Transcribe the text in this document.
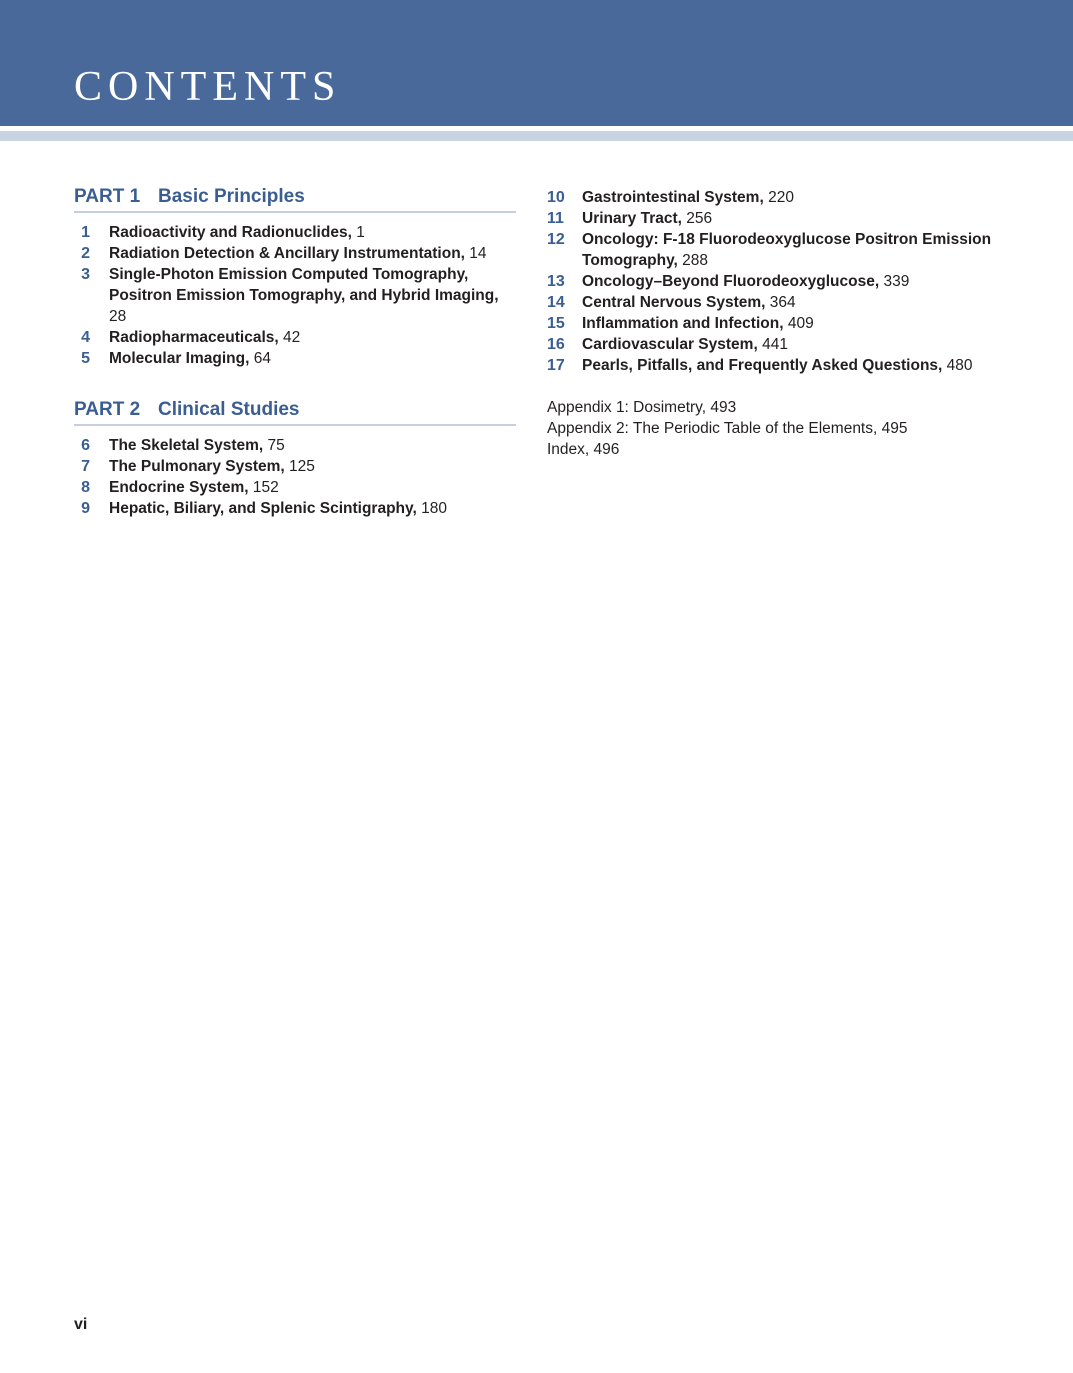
CONTENTS
PART 1 Basic Principles
1 Radioactivity and Radionuclides, 1
2 Radiation Detection & Ancillary Instrumentation, 14
3 Single-Photon Emission Computed Tomography, Positron Emission Tomography, and Hybrid Imaging, 28
4 Radiopharmaceuticals, 42
5 Molecular Imaging, 64
PART 2 Clinical Studies
6 The Skeletal System, 75
7 The Pulmonary System, 125
8 Endocrine System, 152
9 Hepatic, Biliary, and Splenic Scintigraphy, 180
10 Gastrointestinal System, 220
11 Urinary Tract, 256
12 Oncology: F-18 Fluorodeoxyglucose Positron Emission Tomography, 288
13 Oncology–Beyond Fluorodeoxyglucose, 339
14 Central Nervous System, 364
15 Inflammation and Infection, 409
16 Cardiovascular System, 441
17 Pearls, Pitfalls, and Frequently Asked Questions, 480
Appendix 1: Dosimetry, 493
Appendix 2: The Periodic Table of the Elements, 495
Index, 496
vi
